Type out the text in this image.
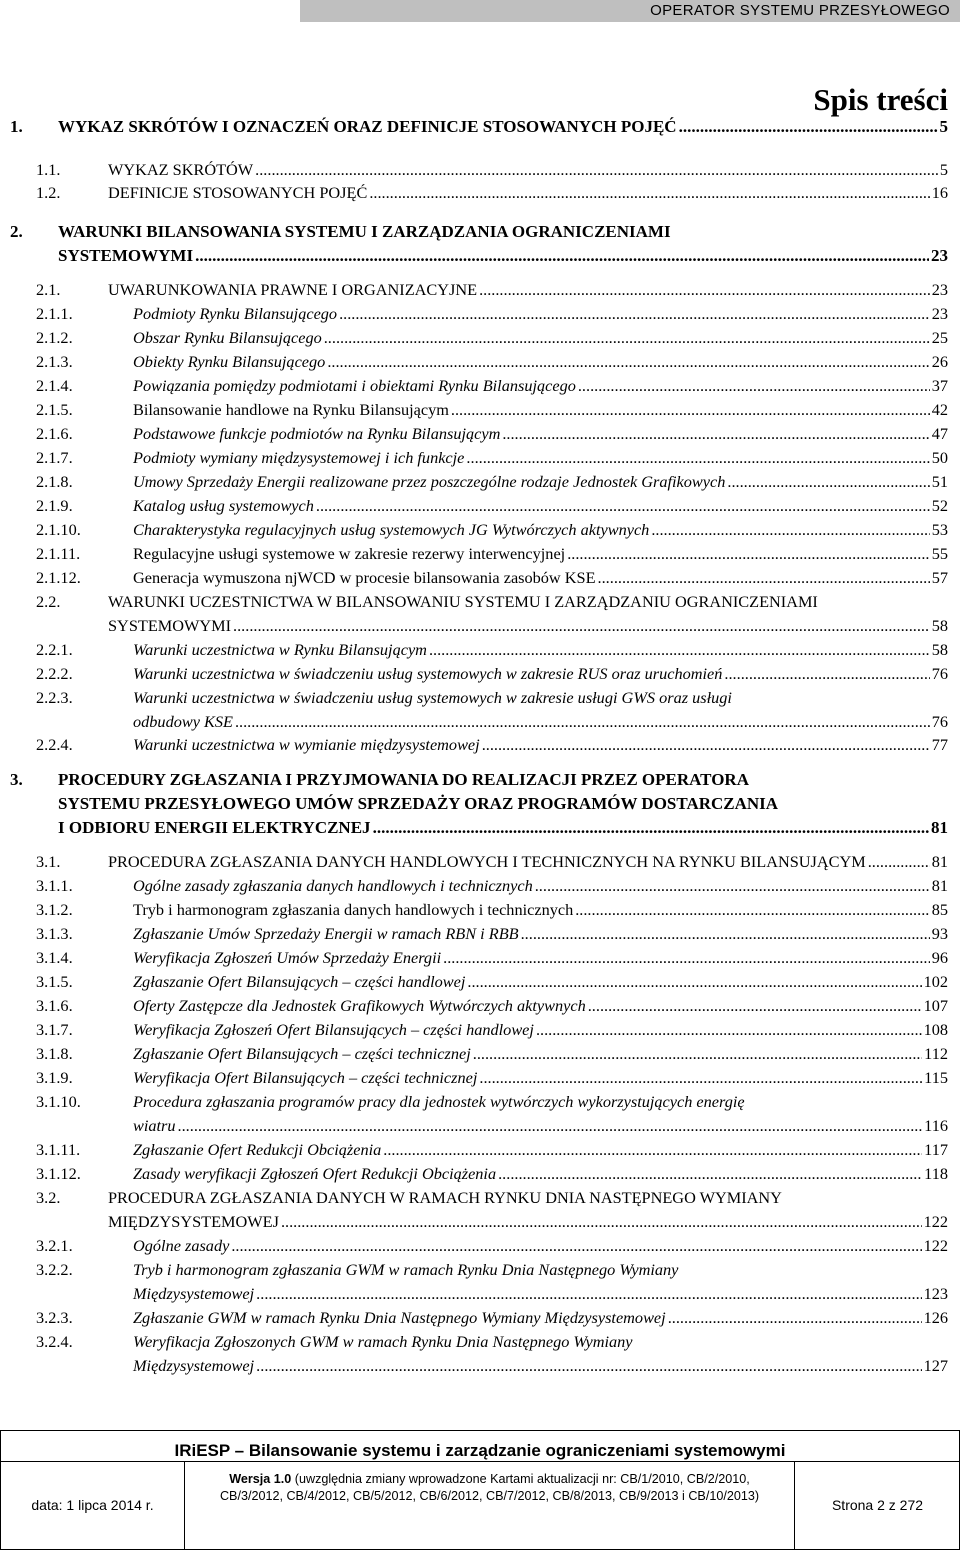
OPERATOR SYSTEMU PRZESYŁOWEGO
Spis treści
1. WYKAZ SKRÓTÓW I OZNACZEŃ ORAZ DEFINICJE STOSOWANYCH POJĘĆ .....	5
1.1.	WYKAZ SKRÓTÓW .....	5
1.2.	DEFINICJE STOSOWANYCH POJĘĆ .....	16
2. WARUNKI BILANSOWANIA SYSTEMU I ZARZĄDZANIA OGRANICZENIAMI
SYSTEMOWYMI .....	23
2.1.	UWARUNKOWANIA PRAWNE I ORGANIZACYJNE .....	23
2.1.1.	Podmioty Rynku Bilansującego .....	23
2.1.2.	Obszar Rynku Bilansującego .....	25
2.1.3.	Obiekty Rynku Bilansującego .....	26
2.1.4.	Powiązania pomiędzy podmiotami i obiektami Rynku Bilansującego .....	37
2.1.5.	Bilansowanie handlowe na Rynku Bilansującym .....	42
2.1.6.	Podstawowe funkcje podmiotów na Rynku Bilansującym .....	47
2.1.7.	Podmioty wymiany międzysystemowej i ich funkcje .....	50
2.1.8.	Umowy Sprzedaży Energii realizowane przez poszczególne rodzaje Jednostek Grafikowych .....	51
2.1.9.	Katalog usług systemowych .....	52
2.1.10.	Charakterystyka regulacyjnych usług systemowych JG Wytwórczych aktywnych .....	53
2.1.11.	Regulacyjne usługi systemowe w zakresie rezerwy interwencyjnej .....	55
2.1.12.	Generacja wymuszona njWCD w procesie bilansowania zasobów KSE .....	57
2.2.	WARUNKI UCZESTNICTWA W BILANSOWANIU SYSTEMU I ZARZĄDZANIU OGRANICZENIAMI
SYSTEMOWYMI .....	58
2.2.1.	Warunki uczestnictwa w Rynku Bilansującym .....	58
2.2.2.	Warunki uczestnictwa w świadczeniu usług systemowych w zakresie RUS oraz uruchomień .....	76
2.2.3.	Warunki uczestnictwa w świadczeniu usług systemowych w zakresie usługi GWS oraz usługi
odbudowy KSE .....	76
2.2.4.	Warunki uczestnictwa w wymianie międzysystemowej .....	77
3. PROCEDURY ZGŁASZANIA I PRZYJMOWANIA DO REALIZACJI PRZEZ OPERATORA
SYSTEMU PRZESYŁOWEGO UMÓW SPRZEDAŻY ORAZ PROGRAMÓW DOSTARCZANIA
I ODBIORU ENERGII ELEKTRYCZNEJ .....	81
3.1.	PROCEDURA ZGŁASZANIA DANYCH HANDLOWYCH I TECHNICZNYCH NA RYNKU BILANSUJĄCYM .....	81
3.1.1.	Ogólne zasady zgłaszania danych handlowych i technicznych .....	81
3.1.2.	Tryb i harmonogram zgłaszania danych handlowych i technicznych .....	85
3.1.3.	Zgłaszanie Umów Sprzedaży Energii w ramach RBN i RBB .....	93
3.1.4.	Weryfikacja Zgłoszeń Umów Sprzedaży Energii .....	96
3.1.5.	Zgłaszanie Ofert Bilansujących – części handlowej .....	102
3.1.6.	Oferty Zastępcze dla Jednostek Grafikowych Wytwórczych aktywnych .....	107
3.1.7.	Weryfikacja Zgłoszeń Ofert Bilansujących – części handlowej .....	108
3.1.8.	Zgłaszanie Ofert Bilansujących – części technicznej .....	112
3.1.9.	Weryfikacja Ofert Bilansujących – części technicznej .....	115
3.1.10.	Procedura zgłaszania programów pracy dla jednostek wytwórczych wykorzystujących energię
wiatru .....	116
3.1.11.	Zgłaszanie Ofert Redukcji Obciążenia .....	117
3.1.12.	Zasady weryfikacji Zgłoszeń Ofert Redukcji Obciążenia .....	118
3.2.	PROCEDURA ZGŁASZANIA DANYCH W RAMACH RYNKU DNIA NASTĘPNEGO WYMIANY
MIĘDZYSYSTEMOWEJ .....	122
3.2.1.	Ogólne zasady .....	122
3.2.2.	Tryb i harmonogram zgłaszania GWM w ramach Rynku Dnia Następnego Wymiany
Międzysystemowej .....	123
3.2.3.	Zgłaszanie GWM w ramach Rynku Dnia Następnego Wymiany Międzysystemowej .....	126
3.2.4.	Weryfikacja Zgłoszonych GWM w ramach Rynku Dnia Następnego Wymiany
Międzysystemowej .....	127
IRiESP – Bilansowanie systemu i zarządzanie ograniczeniami systemowymi
data: 1 lipca 2014 r.
Wersja 1.0 (uwzględnia zmiany wprowadzone Kartami aktualizacji nr: CB/1/2010, CB/2/2010,
CB/3/2012, CB/4/2012, CB/5/2012, CB/6/2012, CB/7/2012, CB/8/2013, CB/9/2013 i CB/10/2013)
Strona 2 z 272
